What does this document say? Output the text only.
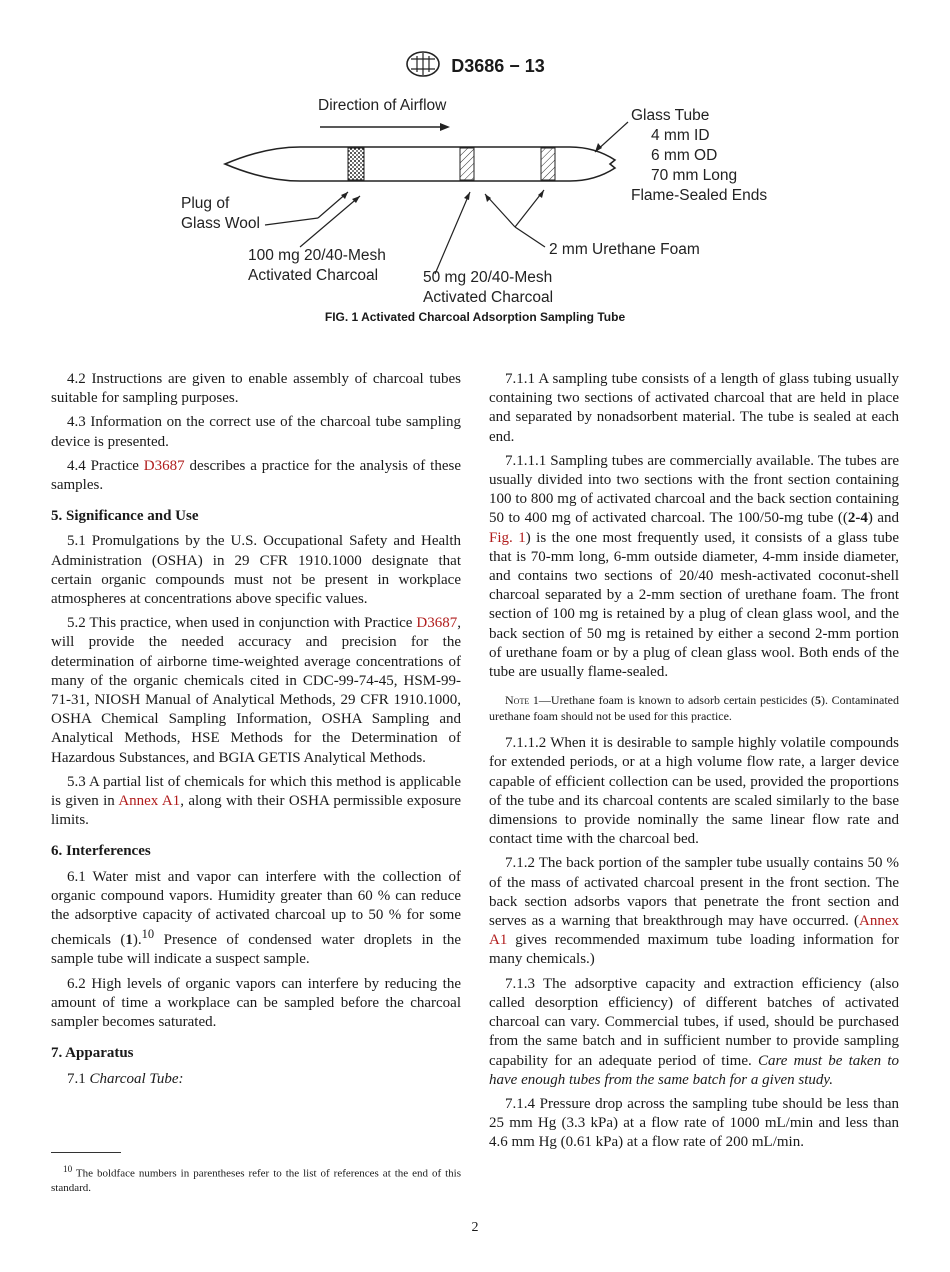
D3686 − 13
Direction of Airflow
Glass Tube
4 mm ID
6 mm OD
70 mm Long
Flame-Sealed Ends
Plug of
Glass Wool
2 mm Urethane Foam
100 mg 20/40-Mesh
Activated Charcoal	50 mg 20/40-Mesh
Activated Charcoal
FIG. 1 Activated Charcoal Adsorption Sampling Tube

4.2 Instructions are given to enable assembly of charcoal tubes suitable for sampling purposes.

4.3 Information on the correct use of the charcoal tube sampling device is presented.

4.4 Practice D3687 describes a practice for the analysis of these samples.

5. Significance and Use

5.1 Promulgations by the U.S. Occupational Safety and Health Administration (OSHA) in 29 CFR 1910.1000 designate that certain organic compounds must not be present in workplace atmospheres at concentrations above specific values.

5.2 This practice, when used in conjunction with Practice D3687, will provide the needed accuracy and precision for the determination of airborne time-weighted average concentrations of many of the organic chemicals cited in CDC-99-74-45, HSM-99-71-31, NIOSH Manual of Analytical Methods, 29 CFR 1910.1000, OSHA Chemical Sampling Information, OSHA Sampling and Analytical Methods, HSE Methods for the Determination of Hazardous Substances, and BGIA GETIS Analytical Methods.

5.3 A partial list of chemicals for which this method is applicable is given in Annex A1, along with their OSHA permissible exposure limits.

6. Interferences

6.1 Water mist and vapor can interfere with the collection of organic compound vapors. Humidity greater than 60 % can reduce the adsorptive capacity of activated charcoal up to 50 % for some chemicals (1).$^{10}$ Presence of condensed water droplets in the sample tube will indicate a suspect sample.

6.2 High levels of organic vapors can interfere by reducing the amount of time a workplace can be sampled before the charcoal sampler becomes saturated.

7. Apparatus

7.1 Charcoal Tube:

7.1.1 A sampling tube consists of a length of glass tubing usually containing two sections of activated charcoal that are held in place and separated by nonadsorbent material. The tube is sealed at each end.

7.1.1.1 Sampling tubes are commercially available. The tubes are usually divided into two sections with the front section containing 100 to 800 mg of activated charcoal and the back section containing 50 to 400 mg of activated charcoal. The 100/50-mg tube ((2-4) and Fig. 1) is the one most frequently used, it consists of a glass tube that is 70-mm long, 6-mm outside diameter, 4-mm inside diameter, and contains two sections of 20/40 mesh-activated coconut-shell charcoal separated by a 2-mm section of urethane foam. The front section of 100 mg is retained by a plug of clean glass wool, and the back section of 50 mg is retained by either a second 2-mm portion of urethane foam or by a plug of clean glass wool. Both ends of the tube are usually flame-sealed.

Note 1—Urethane foam is known to adsorb certain pesticides (5). Contaminated urethane foam should not be used for this practice.

7.1.1.2 When it is desirable to sample highly volatile compounds for extended periods, or at a high volume flow rate, a larger device capable of efficient collection can be used, provided the proportions of the tube and its charcoal contents are scaled similarly to the base dimensions to provide nominally the same linear flow rate and contact time with the charcoal bed.

7.1.2 The back portion of the sampler tube usually contains 50 % of the mass of activated charcoal present in the front section. The back section adsorbs vapors that penetrate the front section and serves as a warning that breakthrough may have occurred. (Annex A1 gives recommended maximum tube loading information for many chemicals.)

7.1.3 The adsorptive capacity and extraction efficiency (also called desorption efficiency) of different batches of activated charcoal can vary. Commercial tubes, if used, should be purchased from the same batch and in sufficient number to provide sampling capability for an adequate period of time. Care must be taken to have enough tubes from the same batch for a given study.

7.1.4 Pressure drop across the sampling tube should be less than 25 mm Hg (3.3 kPa) at a flow rate of 1000 mL/min and less than 4.6 mm Hg (0.61 kPa) at a flow rate of 200 mL/min.

$^{10}$ The boldface numbers in parentheses refer to the list of references at the end of this standard.
2
